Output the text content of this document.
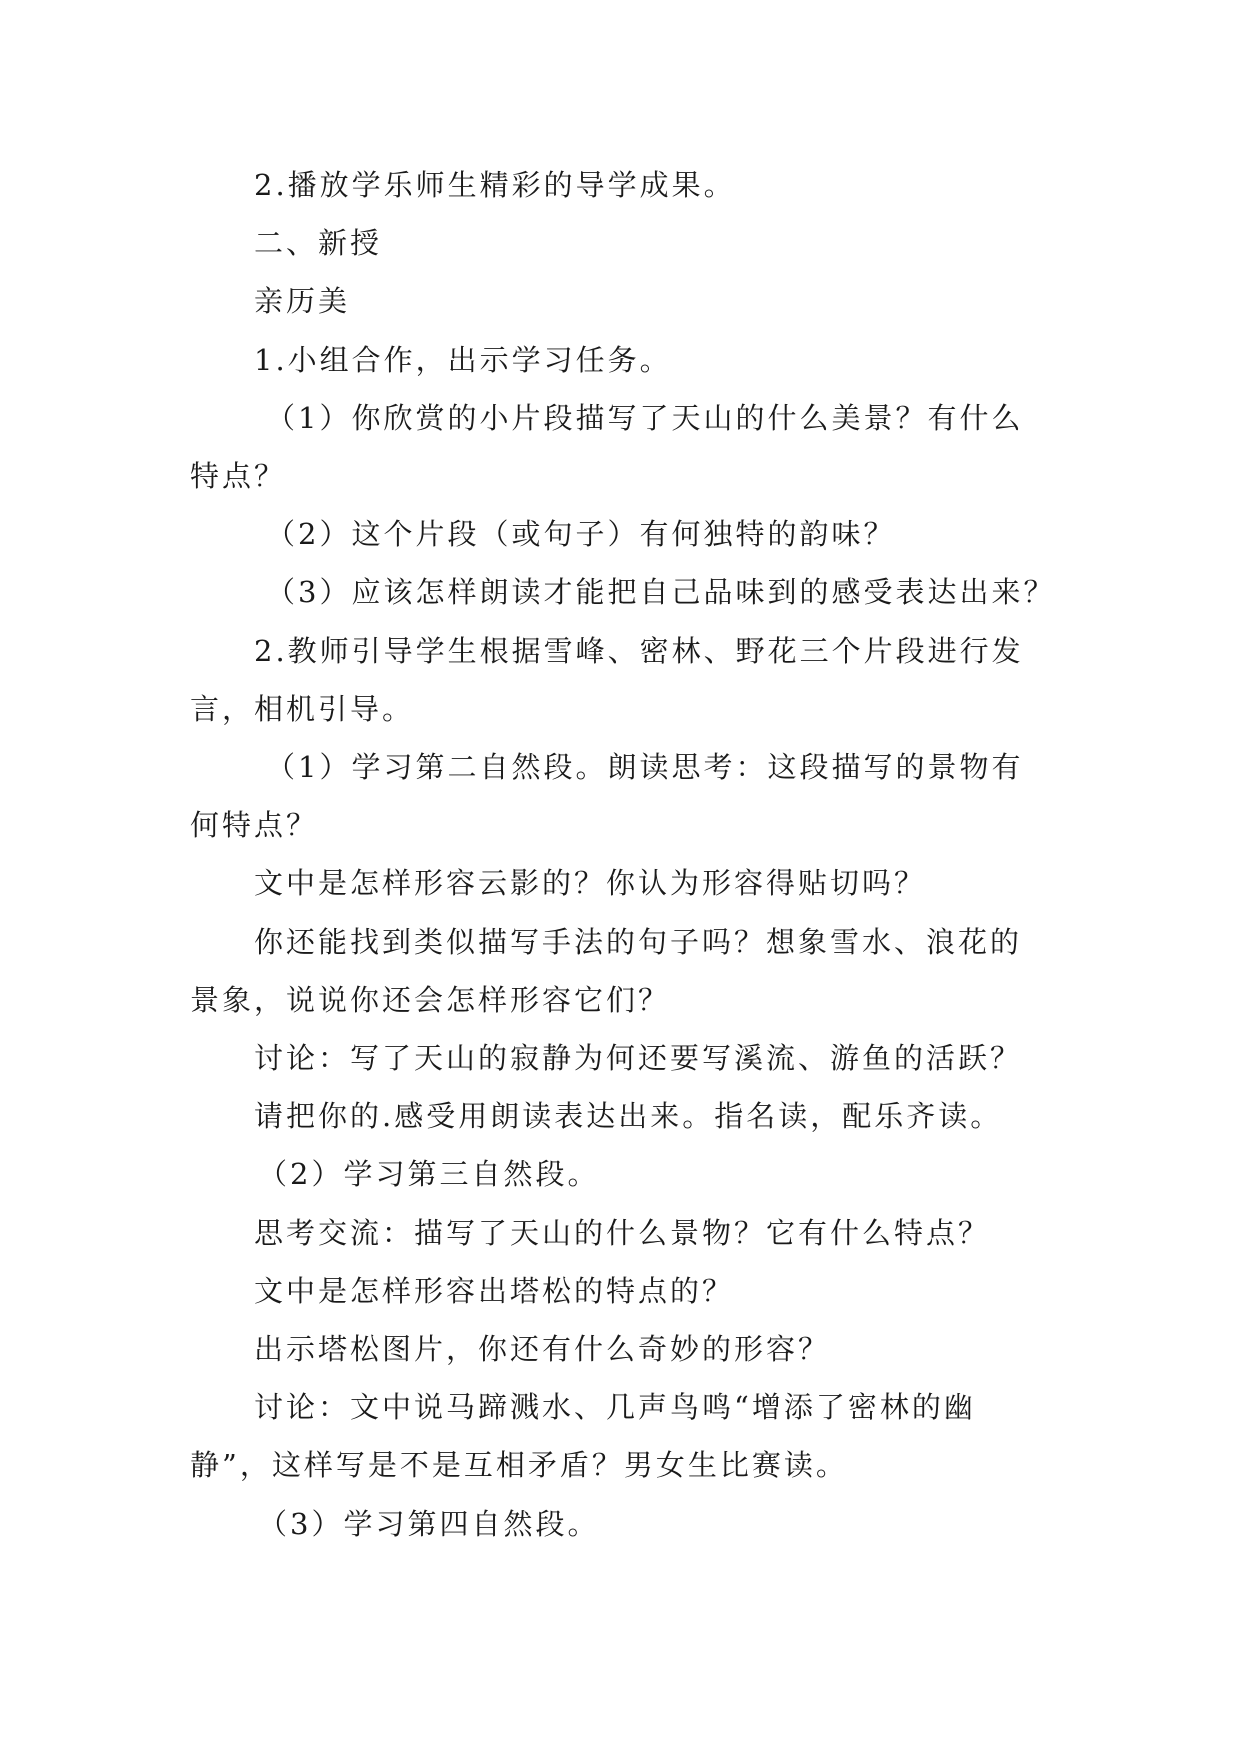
2.播放学乐师生精彩的导学成果。

二、新授

亲历美

1.小组合作，出示学习任务。

（1）你欣赏的小片段描写了天山的什么美景？有什么

特点？

（2）这个片段（或句子）有何独特的韵味？

（3）应该怎样朗读才能把自己品味到的感受表达出来？

2.教师引导学生根据雪峰、密林、野花三个片段进行发

言，相机引导。

（1）学习第二自然段。朗读思考：这段描写的景物有

何特点？

文中是怎样形容云影的？你认为形容得贴切吗？

你还能找到类似描写手法的句子吗？想象雪水、浪花的

景象，说说你还会怎样形容它们？

讨论：写了天山的寂静为何还要写溪流、游鱼的活跃？

请把你的.感受用朗读表达出来。指名读，配乐齐读。

（2）学习第三自然段。

思考交流：描写了天山的什么景物？它有什么特点？

文中是怎样形容出塔松的特点的？

出示塔松图片，你还有什么奇妙的形容？

讨论：文中说马蹄溅水、几声鸟鸣“增添了密林的幽

静”，这样写是不是互相矛盾？男女生比赛读。

（3）学习第四自然段。
